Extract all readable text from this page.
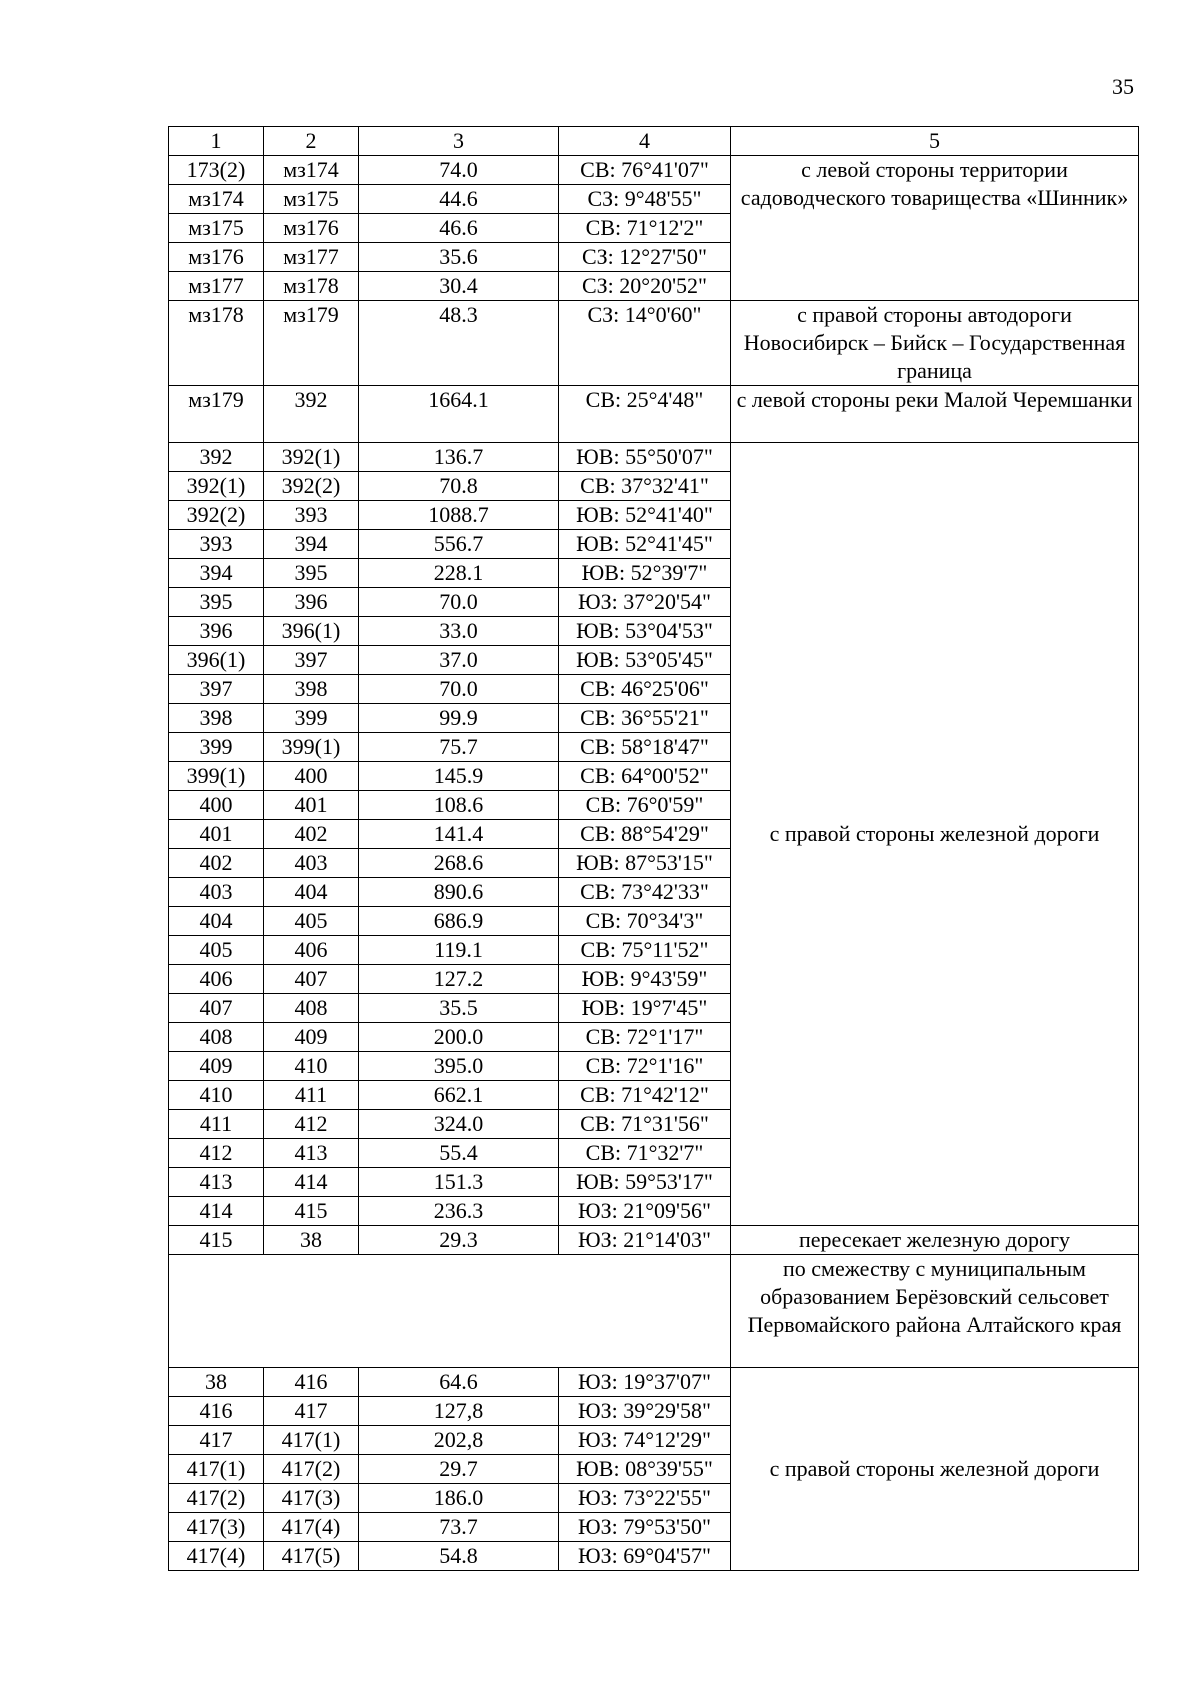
35
1	2	3	4	5
173(2)	мз174	74.0	СВ: 76°41'07"	с левой стороны территории садоводческого товарищества «Шинник»
мз174	мз175	44.6	СЗ: 9°48'55"	
мз175	мз176	46.6	СВ: 71°12'2"	
мз176	мз177	35.6	СЗ: 12°27'50"	
мз177	мз178	30.4	СЗ: 20°20'52"	
мз178	мз179	48.3	СЗ: 14°0'60"	с правой стороны автодороги Новосибирск – Бийск – Государственная граница
мз179	392	1664.1	СВ: 25°4'48"	с левой стороны реки Малой Черемшанки
392	392(1)	136.7	ЮВ: 55°50'07"	с правой стороны железной дороги
392(1)	392(2)	70.8	СВ: 37°32'41"	
392(2)	393	1088.7	ЮВ: 52°41'40"	
393	394	556.7	ЮВ: 52°41'45"	
394	395	228.1	ЮВ: 52°39'7"	
395	396	70.0	ЮЗ: 37°20'54"	
396	396(1)	33.0	ЮВ: 53°04'53"	
396(1)	397	37.0	ЮВ: 53°05'45"	
397	398	70.0	СВ: 46°25'06"	
398	399	99.9	СВ: 36°55'21"	
399	399(1)	75.7	СВ: 58°18'47"	
399(1)	400	145.9	СВ: 64°00'52"	
400	401	108.6	СВ: 76°0'59"	
401	402	141.4	СВ: 88°54'29"	
402	403	268.6	ЮВ: 87°53'15"	
403	404	890.6	СВ: 73°42'33"	
404	405	686.9	СВ: 70°34'3"	
405	406	119.1	СВ: 75°11'52"	
406	407	127.2	ЮВ: 9°43'59"	
407	408	35.5	ЮВ: 19°7'45"	
408	409	200.0	СВ: 72°1'17"	
409	410	395.0	СВ: 72°1'16"	
410	411	662.1	СВ: 71°42'12"	
411	412	324.0	СВ: 71°31'56"	
412	413	55.4	СВ: 71°32'7"	
413	414	151.3	ЮВ: 59°53'17"	
414	415	236.3	ЮЗ: 21°09'56"	
415	38	29.3	ЮЗ: 21°14'03"	пересекает железную дорогу
				по смежеству с муниципальным образованием Берёзовский сельсовет Первомайского района Алтайского края
38	416	64.6	ЮЗ: 19°37'07"	с правой стороны железной дороги
416	417	127,8	ЮЗ: 39°29'58"	
417	417(1)	202,8	ЮЗ: 74°12'29"	
417(1)	417(2)	29.7	ЮВ: 08°39'55"	
417(2)	417(3)	186.0	ЮЗ: 73°22'55"	
417(3)	417(4)	73.7	ЮЗ: 79°53'50"	
417(4)	417(5)	54.8	ЮЗ: 69°04'57"	
